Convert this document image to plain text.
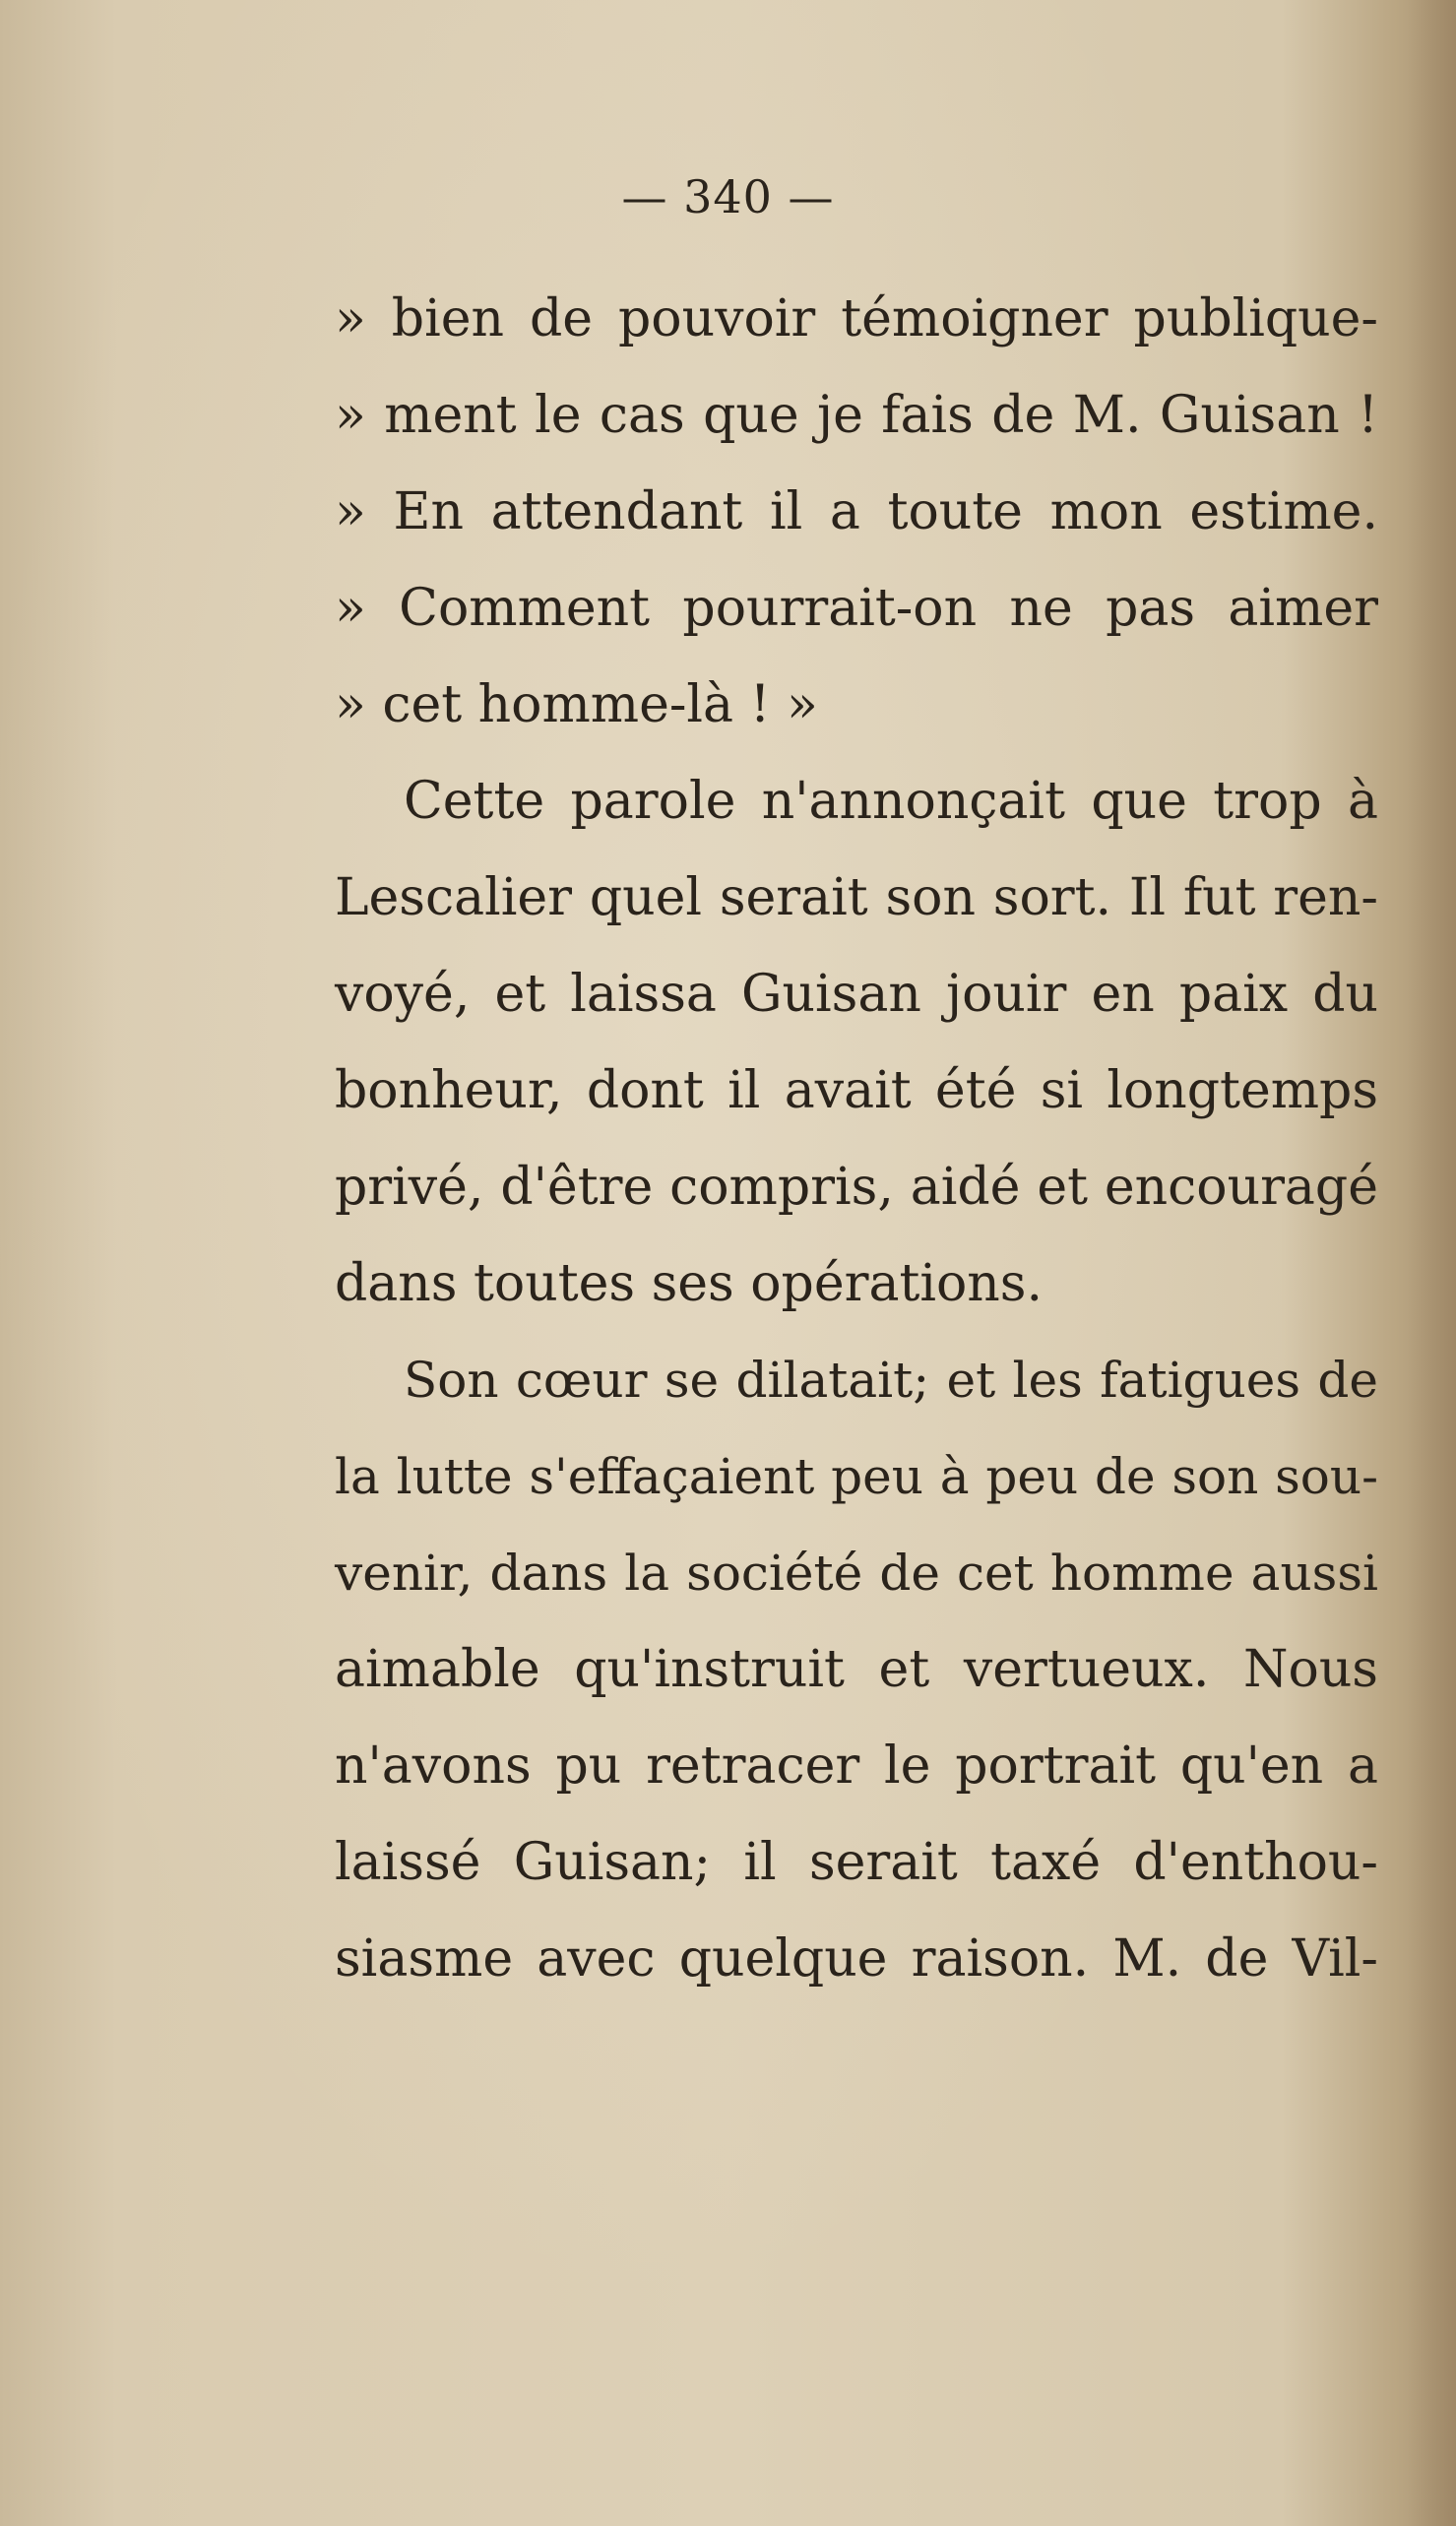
— 340 —
» bien de pouvoir témoigner publique-
» ment le cas que je fais de M. Guisan !
» En attendant il a toute mon estime.
» Comment pourrait-on ne pas aimer
» cet homme-là ! »
Cette parole n'annonçait que trop à
Lescalier quel serait son sort. Il fut ren-
voyé, et laissa Guisan jouir en paix du
bonheur, dont il avait été si longtemps
privé, d'être compris, aidé et encouragé
dans toutes ses opérations.
Son cœur se dilatait; et les fatigues de
la lutte s'effaçaient peu à peu de son sou-
venir, dans la société de cet homme aussi
aimable qu'instruit et vertueux. Nous
n'avons pu retracer le portrait qu'en a
laissé Guisan; il serait taxé d'enthou-
siasme avec quelque raison. M. de Vil-
